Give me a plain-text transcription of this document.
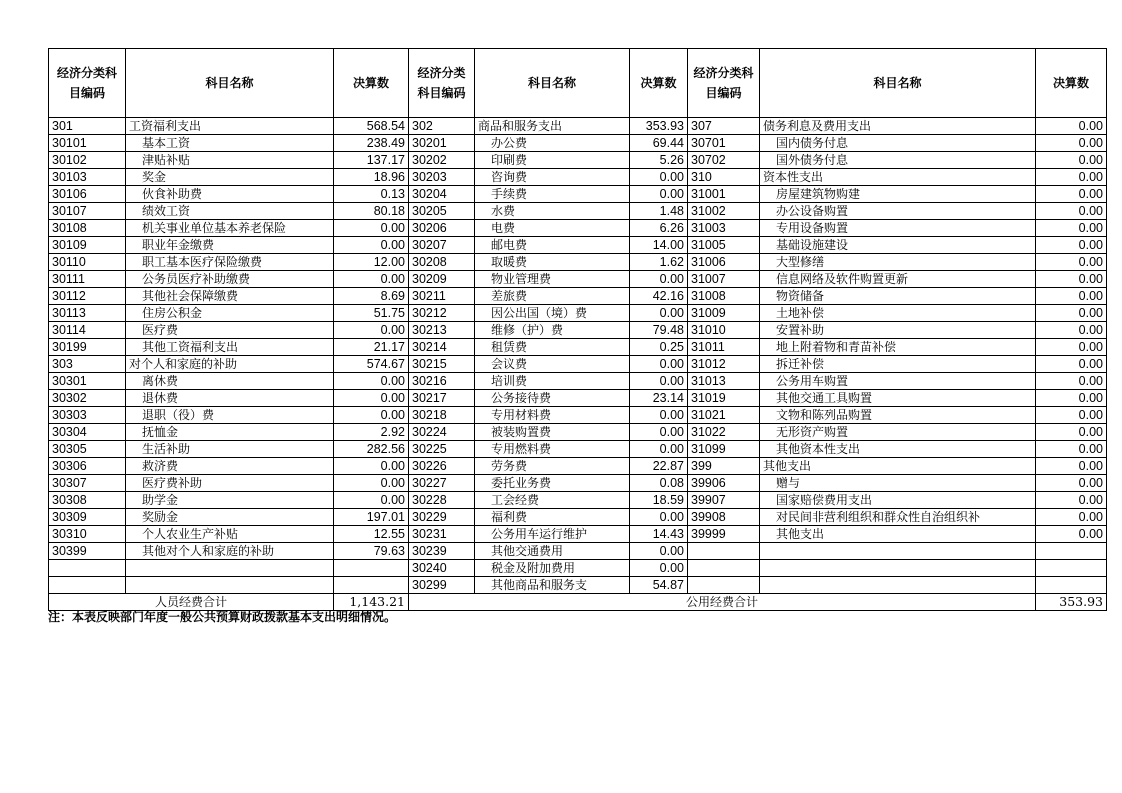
经济分类科目编码	科目名称	决算数	经济分类科目编码	科目名称	决算数	经济分类科目编码	科目名称	决算数
301	工资福利支出	568.54	302	商品和服务支出	353.93	307	债务利息及费用支出	0.00
30101	基本工资	238.49	30201	办公费	69.44	30701	国内债务付息	0.00
30102	津贴补贴	137.17	30202	印刷费	5.26	30702	国外债务付息	0.00
30103	奖金	18.96	30203	咨询费	0.00	310	资本性支出	0.00
30106	伙食补助费	0.13	30204	手续费	0.00	31001	房屋建筑物购建	0.00
30107	绩效工资	80.18	30205	水费	1.48	31002	办公设备购置	0.00
30108	机关事业单位基本养老保险	0.00	30206	电费	6.26	31003	专用设备购置	0.00
30109	职业年金缴费	0.00	30207	邮电费	14.00	31005	基础设施建设	0.00
30110	职工基本医疗保险缴费	12.00	30208	取暖费	1.62	31006	大型修缮	0.00
30111	公务员医疗补助缴费	0.00	30209	物业管理费	0.00	31007	信息网络及软件购置更新	0.00
30112	其他社会保障缴费	8.69	30211	差旅费	42.16	31008	物资储备	0.00
30113	住房公积金	51.75	30212	因公出国（境）费	0.00	31009	土地补偿	0.00
30114	医疗费	0.00	30213	维修（护）费	79.48	31010	安置补助	0.00
30199	其他工资福利支出	21.17	30214	租赁费	0.25	31011	地上附着物和青苗补偿	0.00
303	对个人和家庭的补助	574.67	30215	会议费	0.00	31012	拆迁补偿	0.00
30301	离休费	0.00	30216	培训费	0.00	31013	公务用车购置	0.00
30302	退休费	0.00	30217	公务接待费	23.14	31019	其他交通工具购置	0.00
30303	退职（役）费	0.00	30218	专用材料费	0.00	31021	文物和陈列品购置	0.00
30304	抚恤金	2.92	30224	被装购置费	0.00	31022	无形资产购置	0.00
30305	生活补助	282.56	30225	专用燃料费	0.00	31099	其他资本性支出	0.00
30306	救济费	0.00	30226	劳务费	22.87	399	其他支出	0.00
30307	医疗费补助	0.00	30227	委托业务费	0.08	39906	赠与	0.00
30308	助学金	0.00	30228	工会经费	18.59	39907	国家赔偿费用支出	0.00
30309	奖励金	197.01	30229	福利费	0.00	39908	对民间非营利组织和群众性自治组织补	0.00
30310	个人农业生产补贴	12.55	30231	公务用车运行维护	14.43	39999	其他支出	0.00
30399	其他对个人和家庭的补助	79.63	30239	其他交通费用	0.00			
			30240	税金及附加费用	0.00			
			30299	其他商品和服务支	54.87			
人员经费合计		1,143.21	公用经费合计					353.93
注：本表反映部门年度一般公共预算财政拨款基本支出明细情况。
